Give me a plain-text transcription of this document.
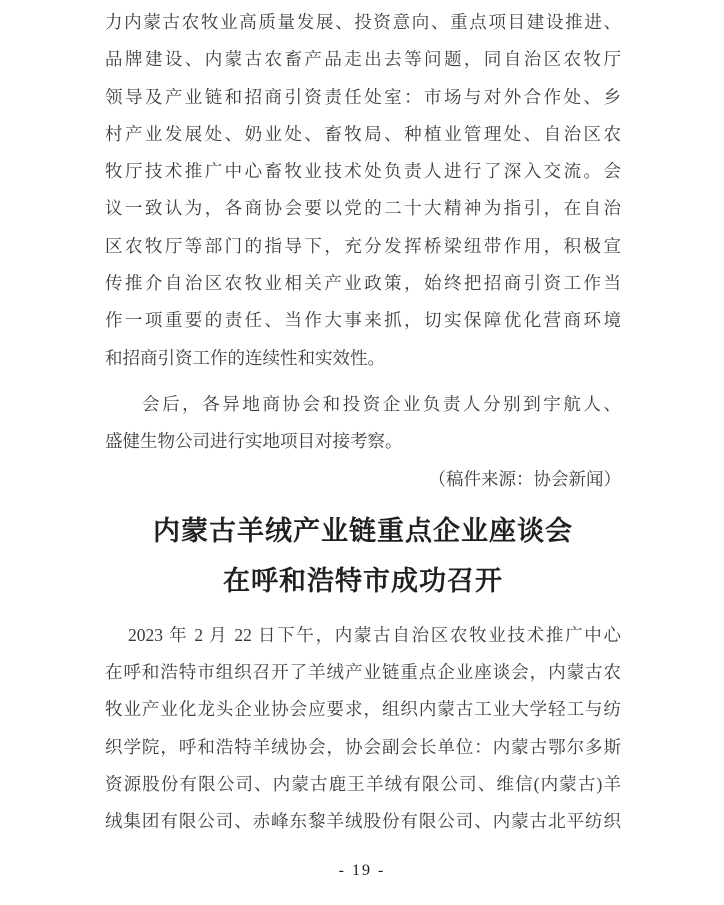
力内蒙古农牧业高质量发展、投资意向、重点项目建设推进、
品牌建设、内蒙古农畜产品走出去等问题，同自治区农牧厅
领导及产业链和招商引资责任处室：市场与对外合作处、乡
村产业发展处、奶业处、畜牧局、种植业管理处、自治区农
牧厅技术推广中心畜牧业技术处负责人进行了深入交流。会
议一致认为，各商协会要以党的二十大精神为指引，在自治
区农牧厅等部门的指导下，充分发挥桥梁纽带作用，积极宣
传推介自治区农牧业相关产业政策，始终把招商引资工作当
作一项重要的责任、当作大事来抓，切实保障优化营商环境
和招商引资工作的连续性和实效性。
会后，各异地商协会和投资企业负责人分别到宇航人、
盛健生物公司进行实地项目对接考察。
（稿件来源：协会新闻）
内蒙古羊绒产业链重点企业座谈会
在呼和浩特市成功召开
2023 年 2 月 22 日下午，内蒙古自治区农牧业技术推广中心
在呼和浩特市组织召开了羊绒产业链重点企业座谈会，内蒙古农
牧业产业化龙头企业协会应要求，组织内蒙古工业大学轻工与纺
织学院，呼和浩特羊绒协会，协会副会长单位：内蒙古鄂尔多斯
资源股份有限公司、内蒙古鹿王羊绒有限公司、维信(内蒙古)羊
绒集团有限公司、赤峰东黎羊绒股份有限公司、内蒙古北平纺织
- 19 -
